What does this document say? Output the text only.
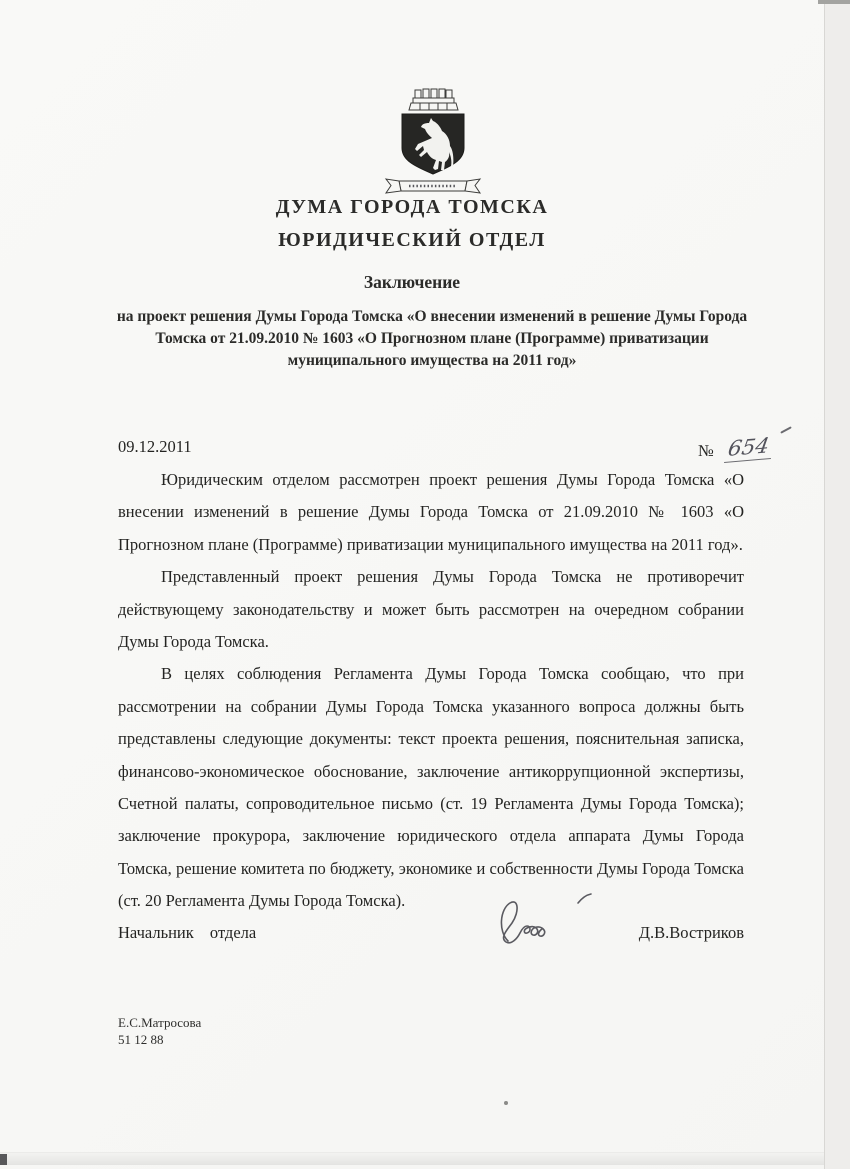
ДУМА ГОРОДА ТОМСКА
ЮРИДИЧЕСКИЙ ОТДЕЛ
Заключение
на проект решения Думы Города Томска «О внесении изменений в решение Думы Города Томска от 21.09.2010 № 1603 «О Прогнозном плане (Программе) приватизации муниципального имущества на 2011 год»
09.12.2011	№ 654

Юридическим отделом рассмотрен проект решения Думы Города Томска «О внесении изменений в решение Думы Города Томска от 21.09.2010 № 1603 «О Прогнозном плане (Программе) приватизации муниципального имущества на 2011 год».

Представленный проект решения Думы Города Томска не противоречит действующему законодательству и может быть рассмотрен на очередном собрании Думы Города Томска.

В целях соблюдения Регламента Думы Города Томска сообщаю, что при рассмотрении на собрании Думы Города Томска указанного вопроса должны быть представлены следующие документы: текст проекта решения, пояснительная записка, финансово-экономическое обоснование, заключение антикоррупционной экспертизы, Счетной палаты, сопроводительное письмо (ст. 19 Регламента Думы Города Томска); заключение прокурора, заключение юридического отдела аппарата Думы Города Томска, решение комитета по бюджету, экономике и собственности Думы Города Томска (ст. 20 Регламента Думы Города Томска).

Начальник отдела	Д.В.Востриков
Е.С.Матросова
51 12 88
